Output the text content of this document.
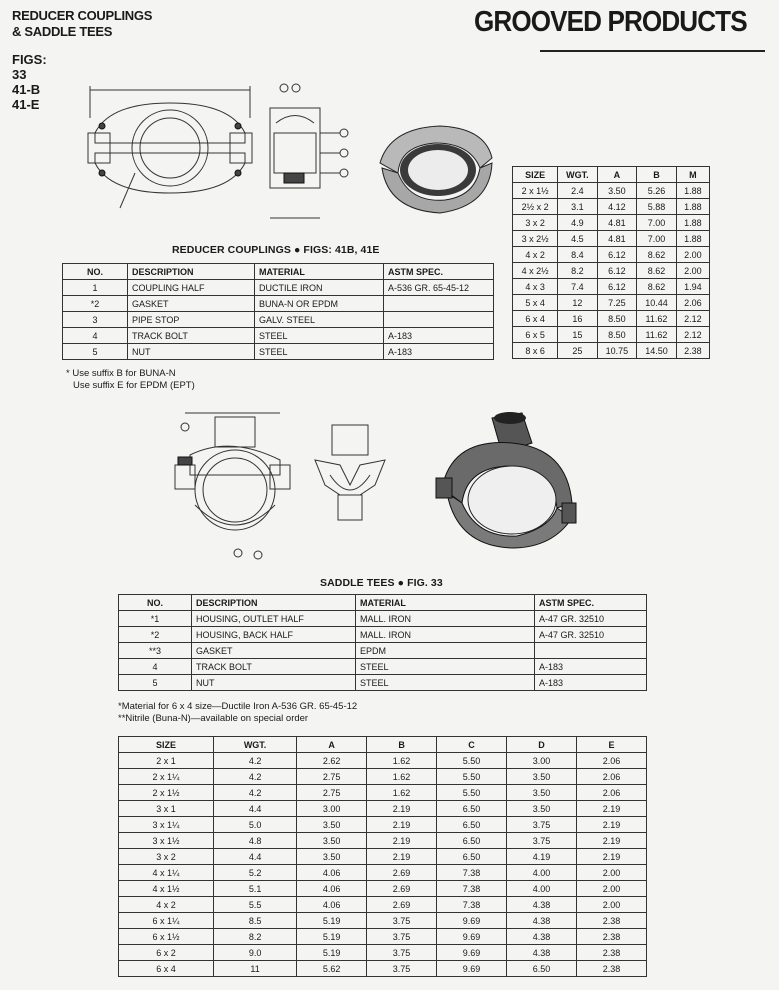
REDUCER COUPLINGS
& SADDLE TEES
FIGS:
33
41-B
41-E
GROOVED PRODUCTS
REDUCER COUPLINGS ● FIGS: 41B, 41E
NO.	DESCRIPTION	MATERIAL	ASTM SPEC.
1	COUPLING HALF	DUCTILE IRON	A-536 GR. 65-45-12
*2	GASKET	BUNA-N OR EPDM	
3	PIPE STOP	GALV. STEEL	
4	TRACK BOLT	STEEL	A-183
5	NUT	STEEL	A-183
* Use suffix B for BUNA-N
Use suffix E for EPDM (EPT)
SIZE	WGT.	A	B	M
2 x 1½	2.4	3.50	5.26	1.88
2½ x 2	3.1	4.12	5.88	1.88
3 x 2	4.9	4.81	7.00	1.88
3 x 2½	4.5	4.81	7.00	1.88
4 x 2	8.4	6.12	8.62	2.00
4 x 2½	8.2	6.12	8.62	2.00
4 x 3	7.4	6.12	8.62	1.94
5 x 4	12	7.25	10.44	2.06
6 x 4	16	8.50	11.62	2.12
6 x 5	15	8.50	11.62	2.12
8 x 6	25	10.75	14.50	2.38
SADDLE TEES ● FIG. 33
NO.	DESCRIPTION	MATERIAL	ASTM SPEC.
*1	HOUSING, OUTLET HALF	MALL. IRON	A-47 GR. 32510
*2	HOUSING, BACK HALF	MALL. IRON	A-47 GR. 32510
**3	GASKET	EPDM	
4	TRACK BOLT	STEEL	A-183
5	NUT	STEEL	A-183
*Material for 6 x 4 size—Ductile Iron A-536 GR. 65-45-12
**Nitrile (Buna-N)—available on special order
SIZE	WGT.	A	B	C	D	E
2 x 1	4.2	2.62	1.62	5.50	3.00	2.06
2 x 1¼	4.2	2.75	1.62	5.50	3.50	2.06
2 x 1½	4.2	2.75	1.62	5.50	3.50	2.06
3 x 1	4.4	3.00	2.19	6.50	3.50	2.19
3 x 1¼	5.0	3.50	2.19	6.50	3.75	2.19
3 x 1½	4.8	3.50	2.19	6.50	3.75	2.19
3 x 2	4.4	3.50	2.19	6.50	4.19	2.19
4 x 1¼	5.2	4.06	2.69	7.38	4.00	2.00
4 x 1½	5.1	4.06	2.69	7.38	4.00	2.00
4 x 2	5.5	4.06	2.69	7.38	4.38	2.00
6 x 1¼	8.5	5.19	3.75	9.69	4.38	2.38
6 x 1½	8.2	5.19	3.75	9.69	4.38	2.38
6 x 2	9.0	5.19	3.75	9.69	4.38	2.38
6 x 4	11	5.62	3.75	9.69	6.50	2.38
